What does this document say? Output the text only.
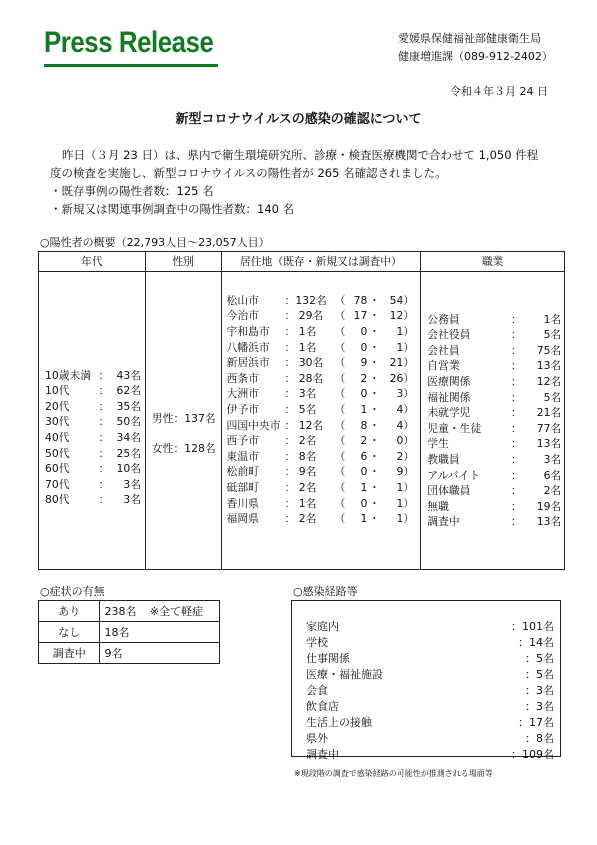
Press Release	愛媛県保健福祉部健康衛生局
健康増進課（089-912-2402）
令和４年３月 24 日
新型コロナウイルスの感染の確認について
昨日（３月 23 日）は、県内で衛生環境研究所、診療・検査医療機関で合わせて 1,050 件程
度の検査を実施し、新型コロナウイルスの陽性者が 265 名確認されました。
・既存事例の陽性者数：125 名
・新規又は関連事例調査中の陽性者数：140 名
○陽性者の概要（22,793人目～23,057人目）
年代	性別	居住地（既存・新規又は調査中）	職業

10歳未満	：	43名
10代	：	62名
20代	：	35名
30代	：	50名
40代	：	34名
50代	：	25名
60代	：	10名
70代	：	3名
80代	：	3名

男性：137名
女性：128名

松山市	：132名	（	78	・	54	）
今治市	： 29名	（	17	・	12	）
宇和島市	： 1名	（	0	・	1	）
八幡浜市	： 1名	（	0	・	1	）
新居浜市	： 30名	（	9	・	21	）
西条市	： 28名	（	2	・	26	）
大洲市	： 3名	（	0	・	3	）
伊予市	： 5名	（	1	・	4	）
四国中央市	： 12名	（	8	・	4	）
西予市	： 2名	（	2	・	0	）
東温市	： 8名	（	6	・	2	）
松前町	： 9名	（	0	・	9	）
砥部町	： 2名	（	1	・	1	）
香川県	： 1名	（	0	・	1	）
福岡県	： 2名	（	1	・	1	）

公務員	：	1名
会社役員	：	5名
会社員	：	75名
自営業	：	13名
医療関係	：	12名
福祉関係	：	5名
未就学児	：	21名
児童・生徒	：	77名
学生	：	13名
教職員	：	3名
アルバイト	：	6名
団体職員	：	2名
無職	：	19名
調査中	：	13名
○症状の有無
あり	238名	※全て軽症
なし	18名	
調査中	9名	
○感染経路等
家庭内	：101名
学校	：14名
仕事関係	：5名
医療・福祉施設	：5名
会食	：3名
飲食店	：3名
生活上の接触	：17名
県外	：8名
調査中	：109名
※現段階の調査で感染経路の可能性が推測される場面等
